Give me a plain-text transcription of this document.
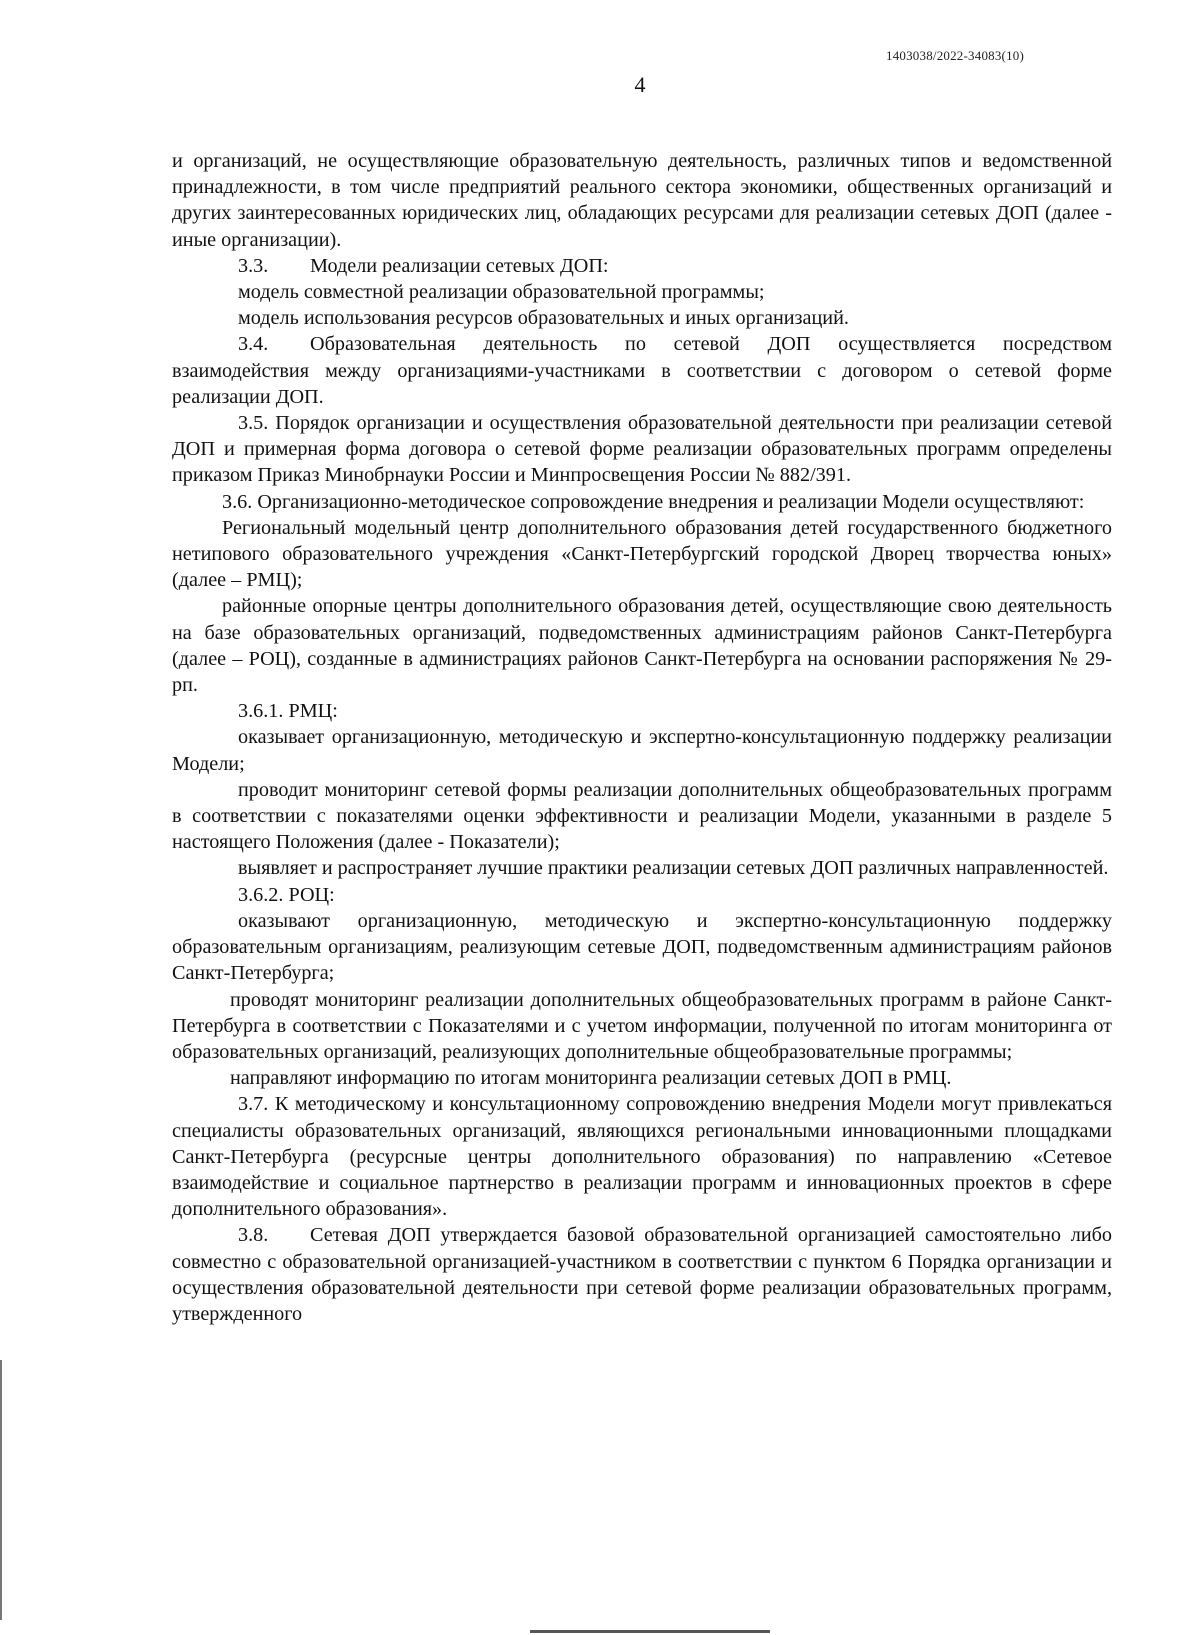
1403038/2022-34083(10)
4

и организаций, не осуществляющие образовательную деятельность, различных типов и ведомственной принадлежности, в том числе предприятий реального сектора экономики, общественных организаций и других заинтересованных юридических лиц, обладающих ресурсами для реализации сетевых ДОП (далее - иные организации).

3.3. Модели реализации сетевых ДОП:

модель совместной реализации образовательной программы;

модель использования ресурсов образовательных и иных организаций.

3.4. Образовательная деятельность по сетевой ДОП осуществляется посредством взаимодействия между организациями-участниками в соответствии с договором о сетевой форме реализации ДОП.

3.5. Порядок организации и осуществления образовательной деятельности при реализации сетевой ДОП и примерная форма договора о сетевой форме реализации образовательных программ определены приказом Приказ Минобрнауки России и Минпросвещения России № 882/391.

3.6. Организационно-методическое сопровождение внедрения и реализации Модели осуществляют:

Региональный модельный центр дополнительного образования детей государственного бюджетного нетипового образовательного учреждения «Санкт-Петербургский городской Дворец творчества юных» (далее – РМЦ);

районные опорные центры дополнительного образования детей, осуществляющие свою деятельность на базе образовательных организаций, подведомственных администрациям районов Санкт-Петербурга (далее – РОЦ), созданные в администрациях районов Санкт-Петербурга на основании распоряжения № 29-рп.

3.6.1. РМЦ:

оказывает организационную, методическую и экспертно-консультационную поддержку реализации Модели;

проводит мониторинг сетевой формы реализации дополнительных общеобразовательных программ в соответствии с показателями оценки эффективности и реализации Модели, указанными в разделе 5 настоящего Положения (далее - Показатели);

выявляет и распространяет лучшие практики реализации сетевых ДОП различных направленностей.

3.6.2. РОЦ:

оказывают организационную, методическую и экспертно-консультационную поддержку образовательным организациям, реализующим сетевые ДОП, подведомственным администрациям районов Санкт-Петербурга;

проводят мониторинг реализации дополнительных общеобразовательных программ в районе Санкт-Петербурга в соответствии с Показателями и с учетом информации, полученной по итогам мониторинга от образовательных организаций, реализующих дополнительные общеобразовательные программы;

направляют информацию по итогам мониторинга реализации сетевых ДОП в РМЦ.

3.7. К методическому и консультационному сопровождению внедрения Модели могут привлекаться специалисты образовательных организаций, являющихся региональными инновационными площадками Санкт-Петербурга (ресурсные центры дополнительного образования) по направлению «Сетевое взаимодействие и социальное партнерство в реализации программ и инновационных проектов в сфере дополнительного образования».

3.8. Сетевая ДОП утверждается базовой образовательной организацией самостоятельно либо совместно с образовательной организацией-участником в соответствии с пунктом 6 Порядка организации и осуществления образовательной деятельности при сетевой форме реализации образовательных программ, утвержденного
